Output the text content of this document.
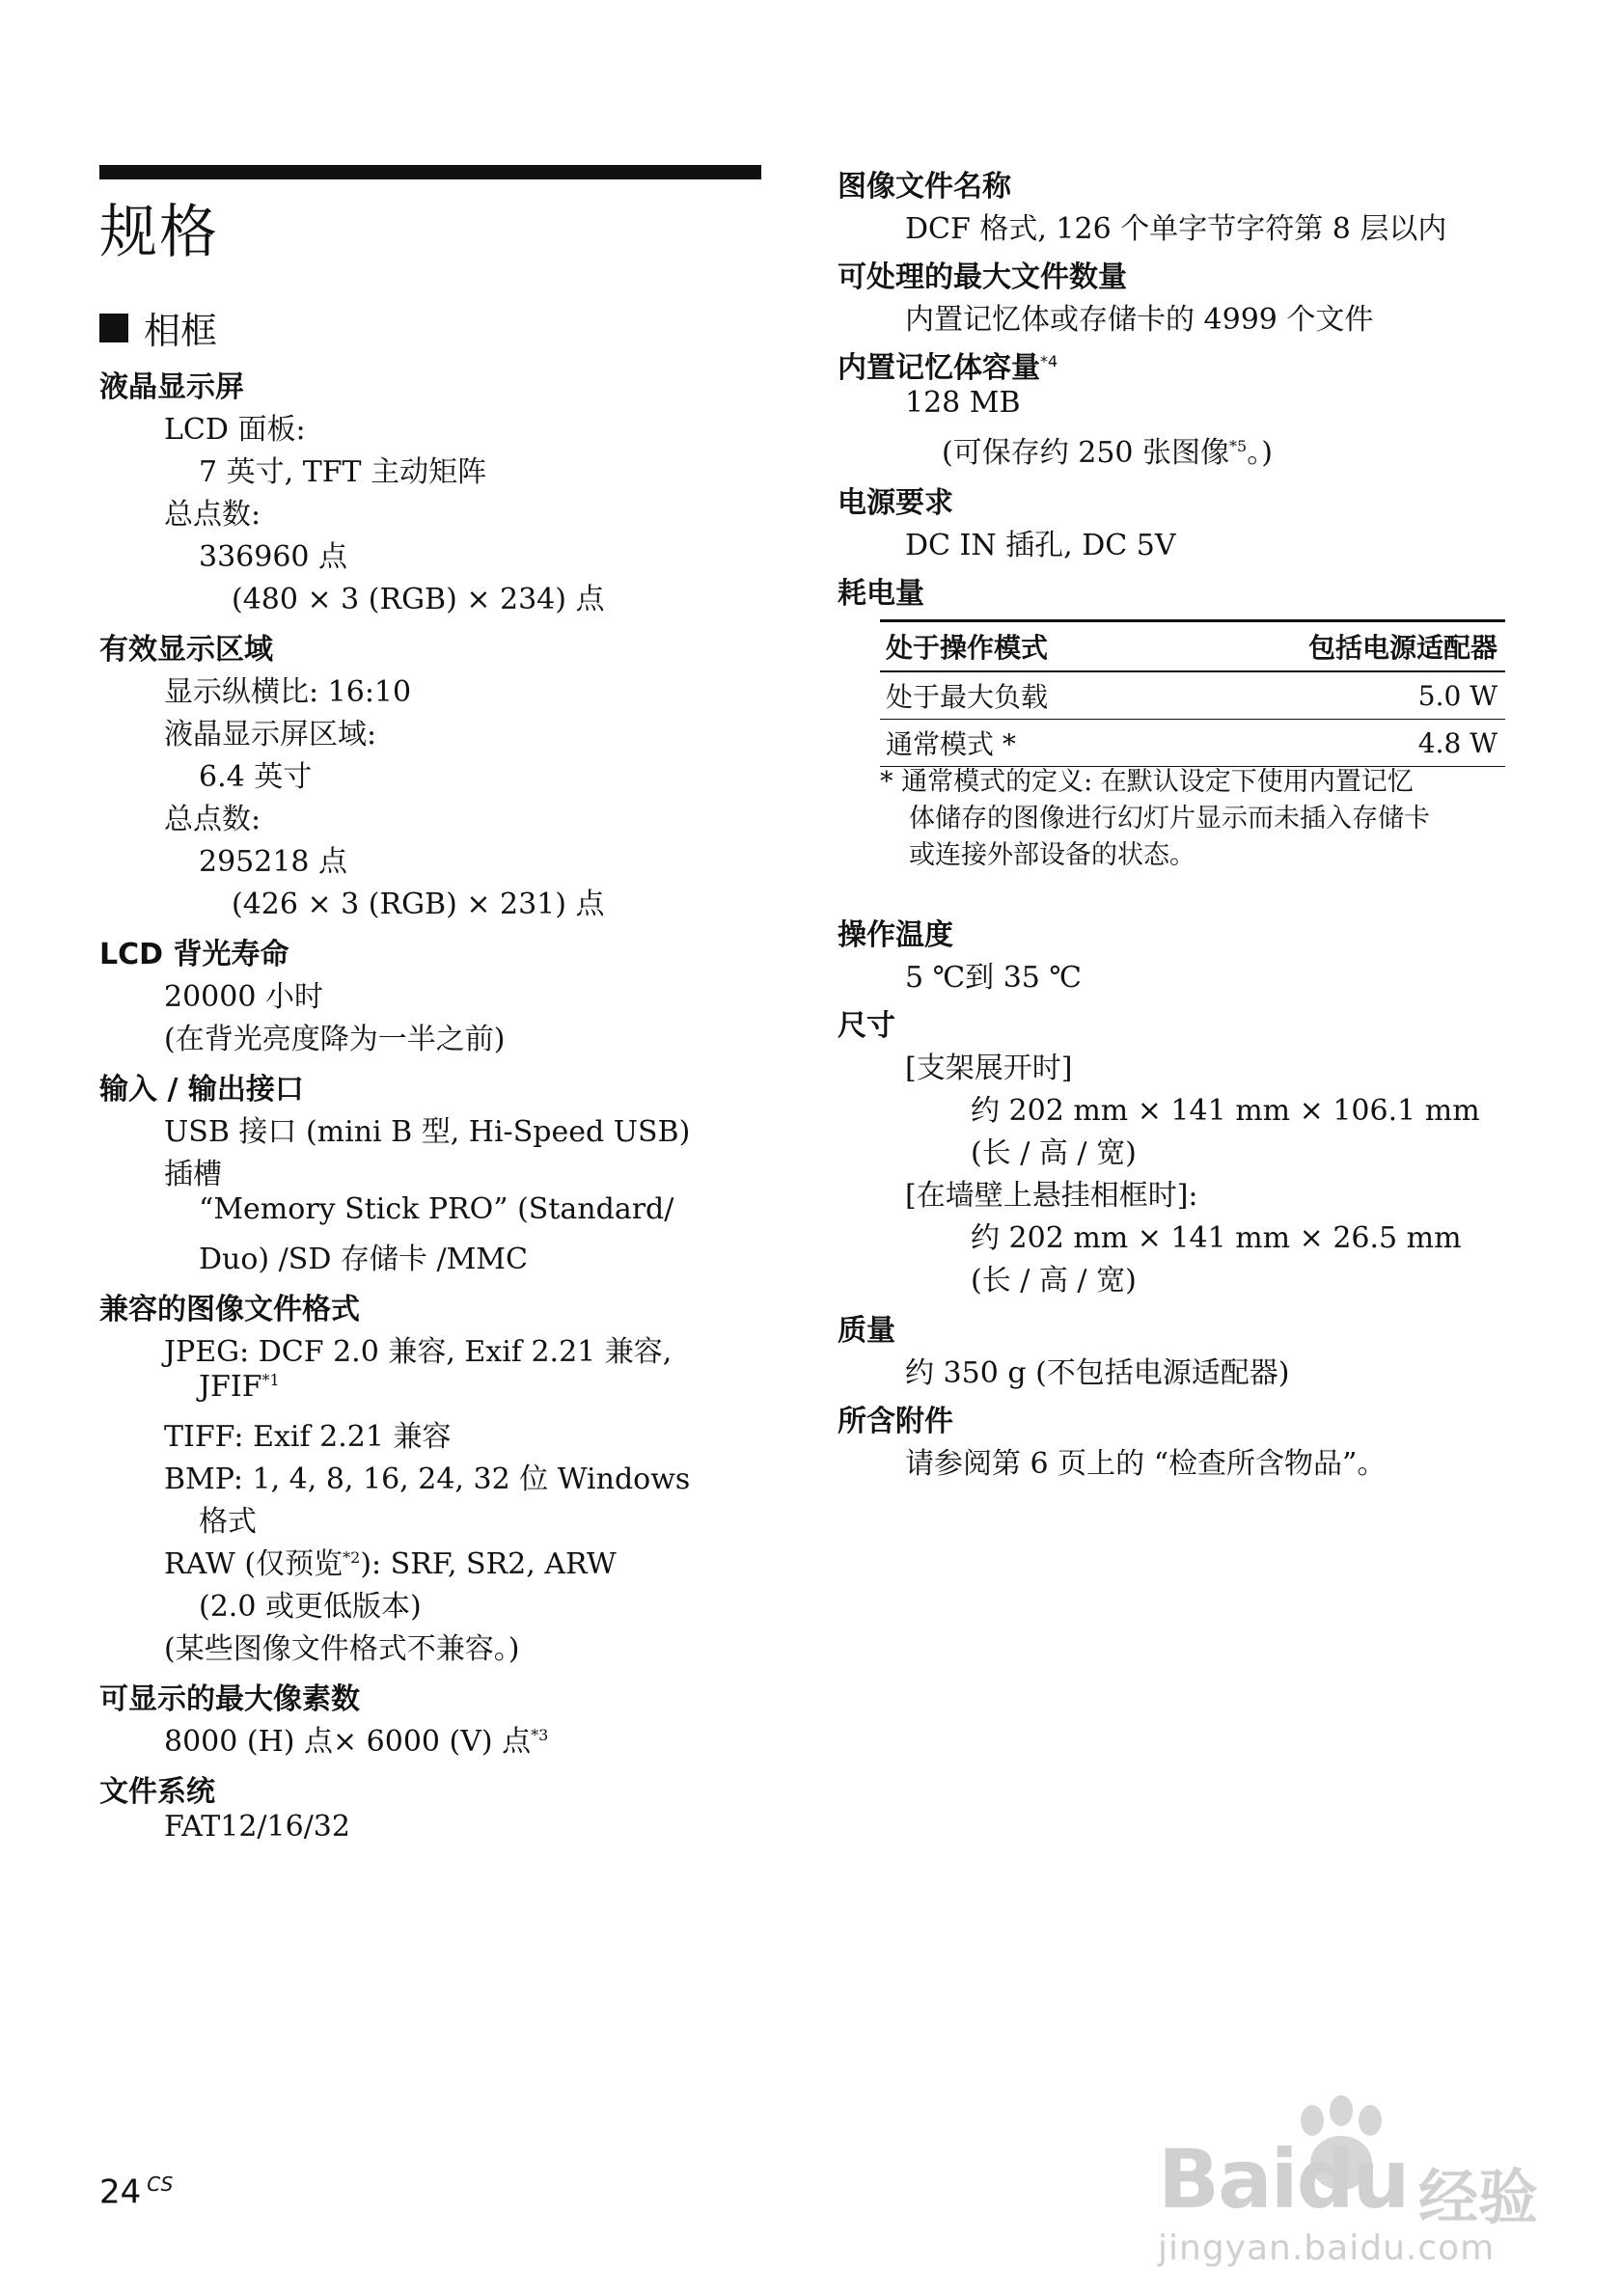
规格
相框
液晶显示屏
LCD 面板:
7 英寸, TFT 主动矩阵
总点数:
336960 点
(480 × 3 (RGB) × 234) 点
有效显示区域
显示纵横比: 16:10
液晶显示屏区域:
6.4 英寸
总点数:
295218 点
(426 × 3 (RGB) × 231) 点
LCD 背光寿命
20000 小时
(在背光亮度降为一半之前)
输入 / 输出接口
USB 接口 (mini B 型, Hi-Speed USB)
插槽
“Memory Stick PRO” (Standard/
Duo) /SD 存储卡 /MMC
兼容的图像文件格式
JPEG: DCF 2.0 兼容, Exif 2.21 兼容,
JFIF$^{*1}$
TIFF: Exif 2.21 兼容
BMP: 1, 4, 8, 16, 24, 32 位 Windows
格式
RAW (仅预览$^{*2}$): SRF, SR2, ARW
(2.0 或更低版本)
(某些图像文件格式不兼容。)
可显示的最大像素数
8000 (H) 点× 6000 (V) 点$^{*3}$
文件系统
FAT12/16/32
图像文件名称
DCF 格式, 126 个单字节字符第 8 层以内
可处理的最大文件数量
内置记忆体或存储卡的 4999 个文件
内置记忆体容量$^{*4}$
128 MB
(可保存约 250 张图像$^{*5}$。)
电源要求
DC IN 插孔, DC 5V
耗电量
处于操作模式	包括电源适配器
处于最大负载	5.0 W
通常模式 *	4.8 W
* 通常模式的定义: 在默认设定下使用内置记忆
体储存的图像进行幻灯片显示而未插入存储卡
或连接外部设备的状态。
操作温度
5 ℃到 35 ℃
尺寸
[支架展开时]
约 202 mm × 141 mm × 106.1 mm
(长 / 高 / 宽)
[在墙壁上悬挂相框时]:
约 202 mm × 141 mm × 26.5 mm
(长 / 高 / 宽)
质量
约 350 g (不包括电源适配器)
所含附件
请参阅第 6 页上的 “检查所含物品”。
24 $^{CS}$	Baidu 经验
jingyan.baidu.com
